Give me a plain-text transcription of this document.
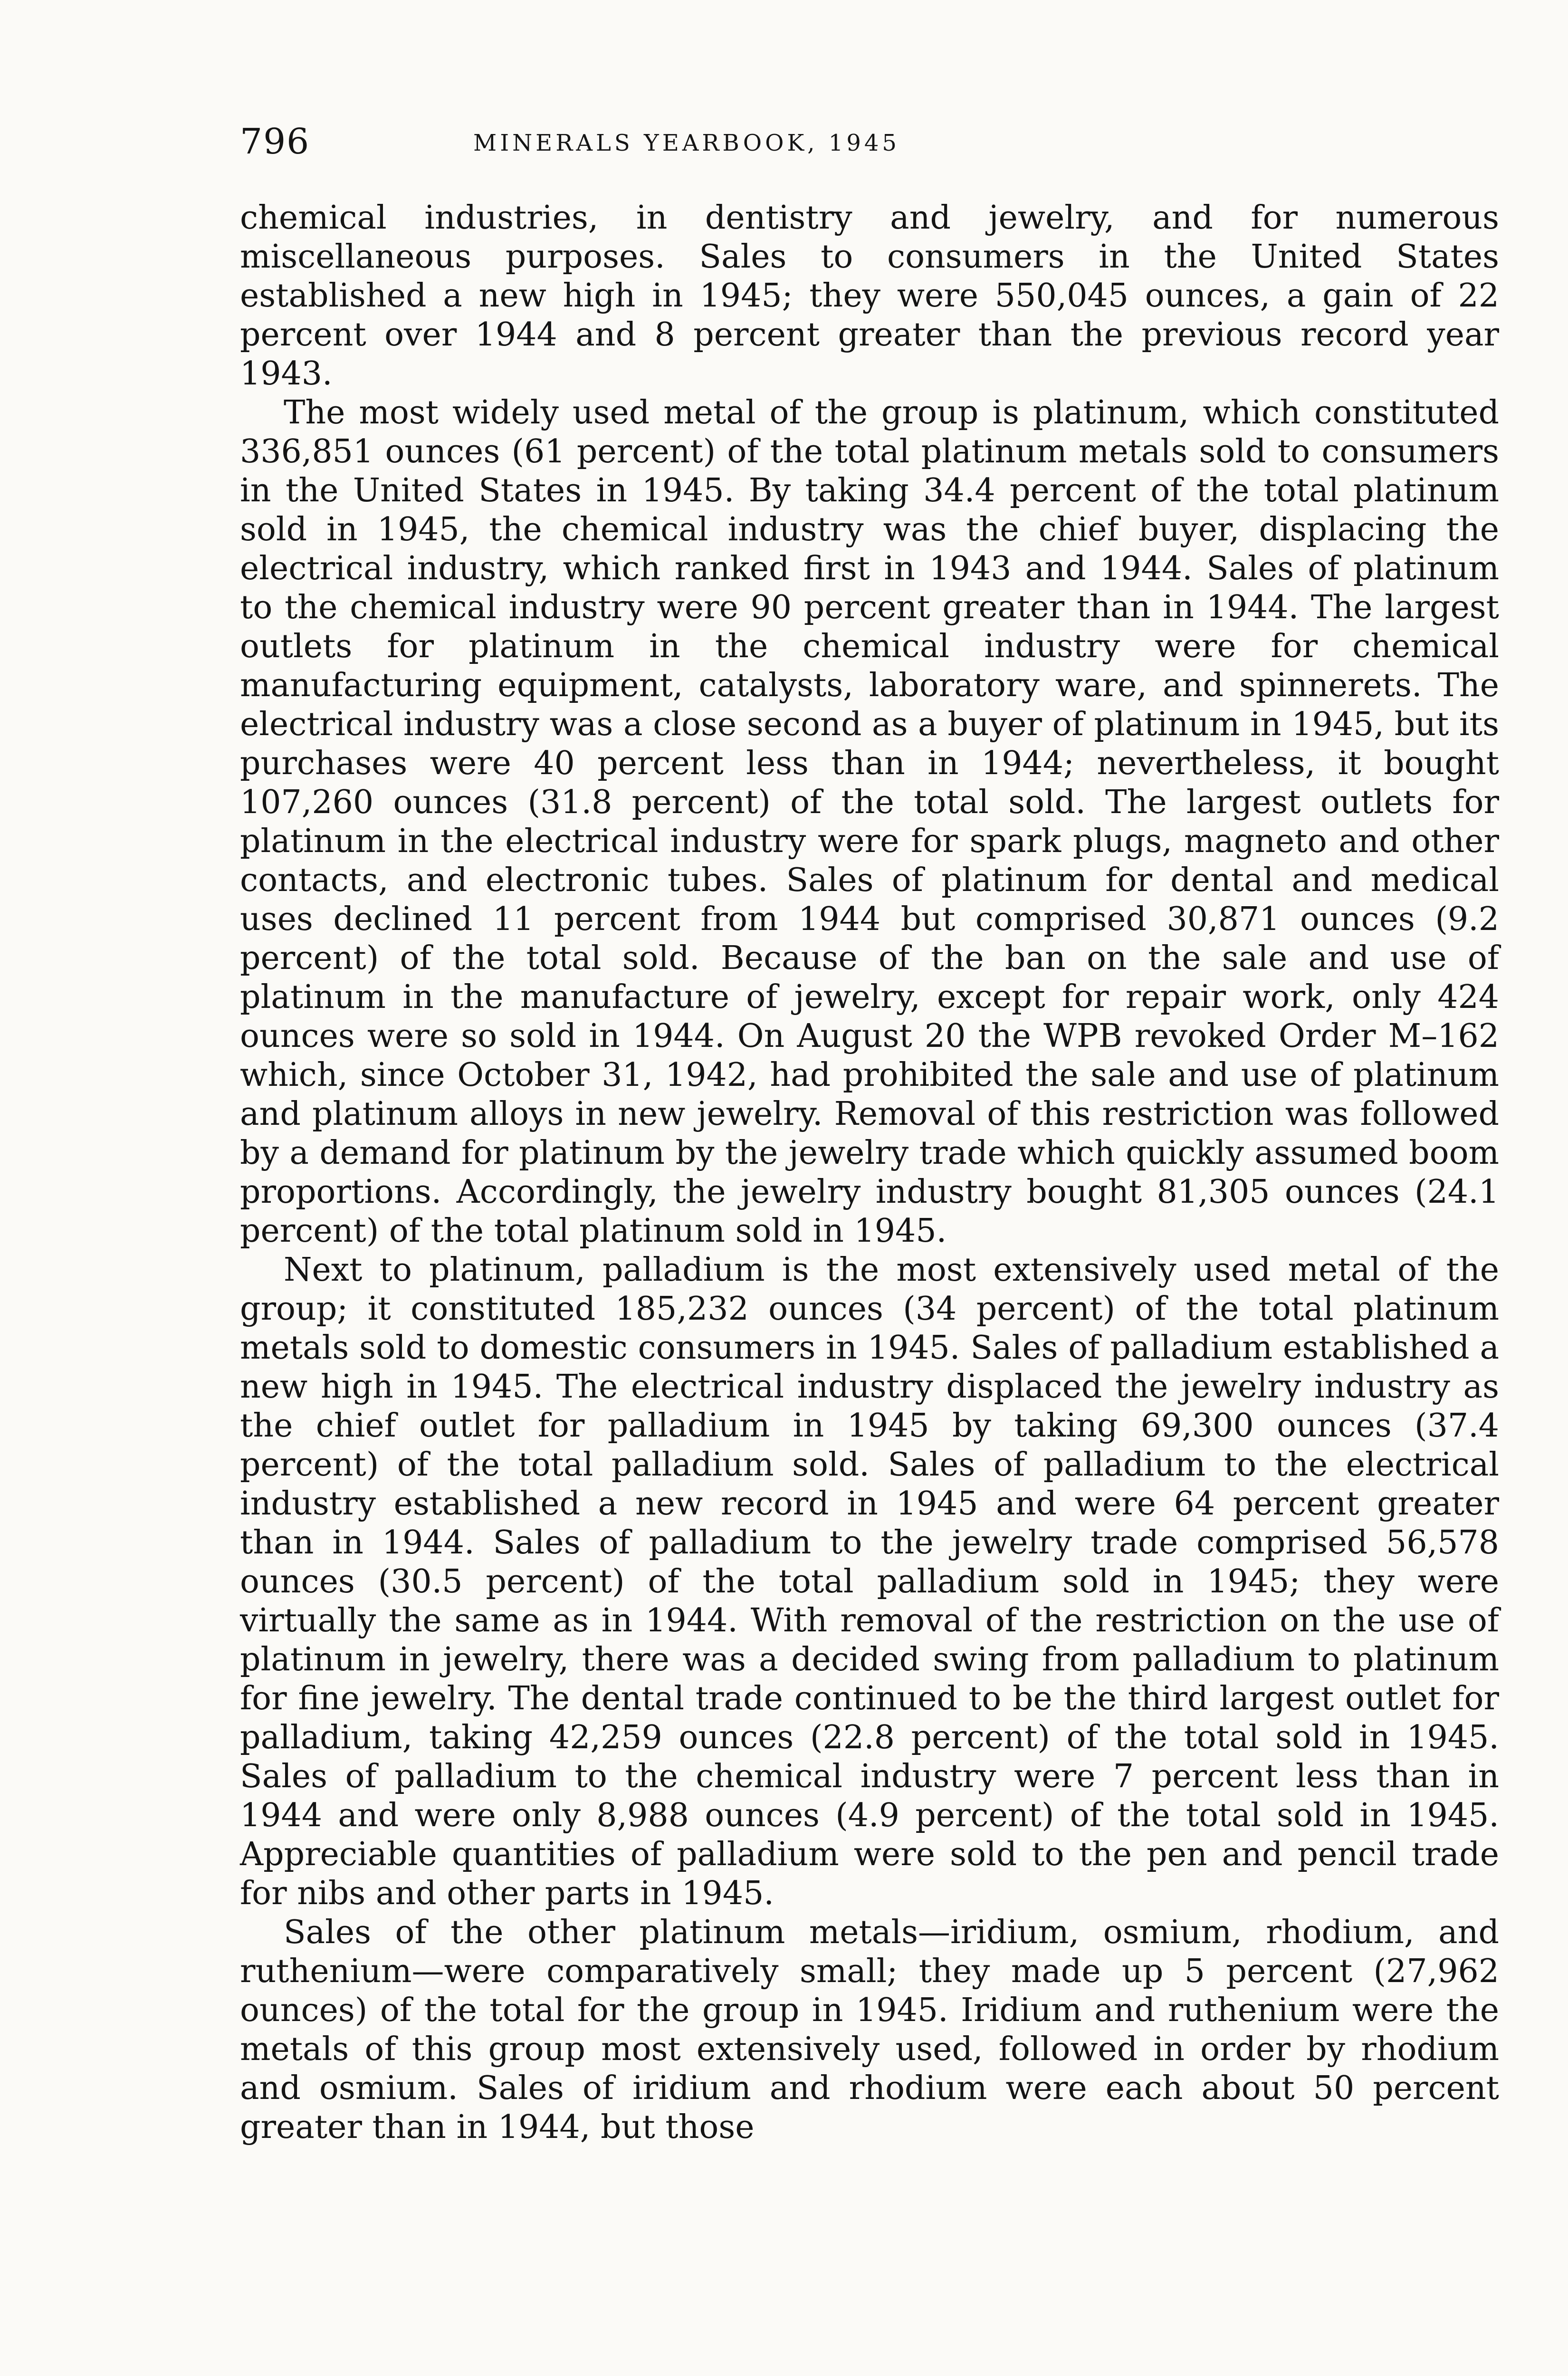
796	MINERALS YEARBOOK, 1945

chemical industries, in dentistry and jewelry, and for numerous miscellaneous purposes. Sales to consumers in the United States established a new high in 1945; they were 550,045 ounces, a gain of 22 percent over 1944 and 8 percent greater than the previous record year 1943.

The most widely used metal of the group is platinum, which constituted 336,851 ounces (61 percent) of the total platinum metals sold to consumers in the United States in 1945. By taking 34.4 percent of the total platinum sold in 1945, the chemical industry was the chief buyer, displacing the electrical industry, which ranked first in 1943 and 1944. Sales of platinum to the chemical industry were 90 percent greater than in 1944. The largest outlets for platinum in the chemical industry were for chemical manufacturing equipment, catalysts, laboratory ware, and spinnerets. The electrical industry was a close second as a buyer of platinum in 1945, but its purchases were 40 percent less than in 1944; nevertheless, it bought 107,260 ounces (31.8 percent) of the total sold. The largest outlets for platinum in the electrical industry were for spark plugs, magneto and other contacts, and electronic tubes. Sales of platinum for dental and medical uses declined 11 percent from 1944 but comprised 30,871 ounces (9.2 percent) of the total sold. Because of the ban on the sale and use of platinum in the manufacture of jewelry, except for repair work, only 424 ounces were so sold in 1944. On August 20 the WPB revoked Order M–162 which, since October 31, 1942, had prohibited the sale and use of platinum and platinum alloys in new jewelry. Removal of this restriction was followed by a demand for platinum by the jewelry trade which quickly assumed boom proportions. Accordingly, the jewelry industry bought 81,305 ounces (24.1 percent) of the total platinum sold in 1945.

Next to platinum, palladium is the most extensively used metal of the group; it constituted 185,232 ounces (34 percent) of the total platinum metals sold to domestic consumers in 1945. Sales of palladium established a new high in 1945. The electrical industry displaced the jewelry industry as the chief outlet for palladium in 1945 by taking 69,300 ounces (37.4 percent) of the total palladium sold. Sales of palladium to the electrical industry established a new record in 1945 and were 64 percent greater than in 1944. Sales of palladium to the jewelry trade comprised 56,578 ounces (30.5 percent) of the total palladium sold in 1945; they were virtually the same as in 1944. With removal of the restriction on the use of platinum in jewelry, there was a decided swing from palladium to platinum for fine jewelry. The dental trade continued to be the third largest outlet for palladium, taking 42,259 ounces (22.8 percent) of the total sold in 1945. Sales of palladium to the chemical industry were 7 percent less than in 1944 and were only 8,988 ounces (4.9 percent) of the total sold in 1945. Appreciable quantities of palladium were sold to the pen and pencil trade for nibs and other parts in 1945.

Sales of the other platinum metals—iridium, osmium, rhodium, and ruthenium—were comparatively small; they made up 5 percent (27,962 ounces) of the total for the group in 1945. Iridium and ruthenium were the metals of this group most extensively used, followed in order by rhodium and osmium. Sales of iridium and rhodium were each about 50 percent greater than in 1944, but those
